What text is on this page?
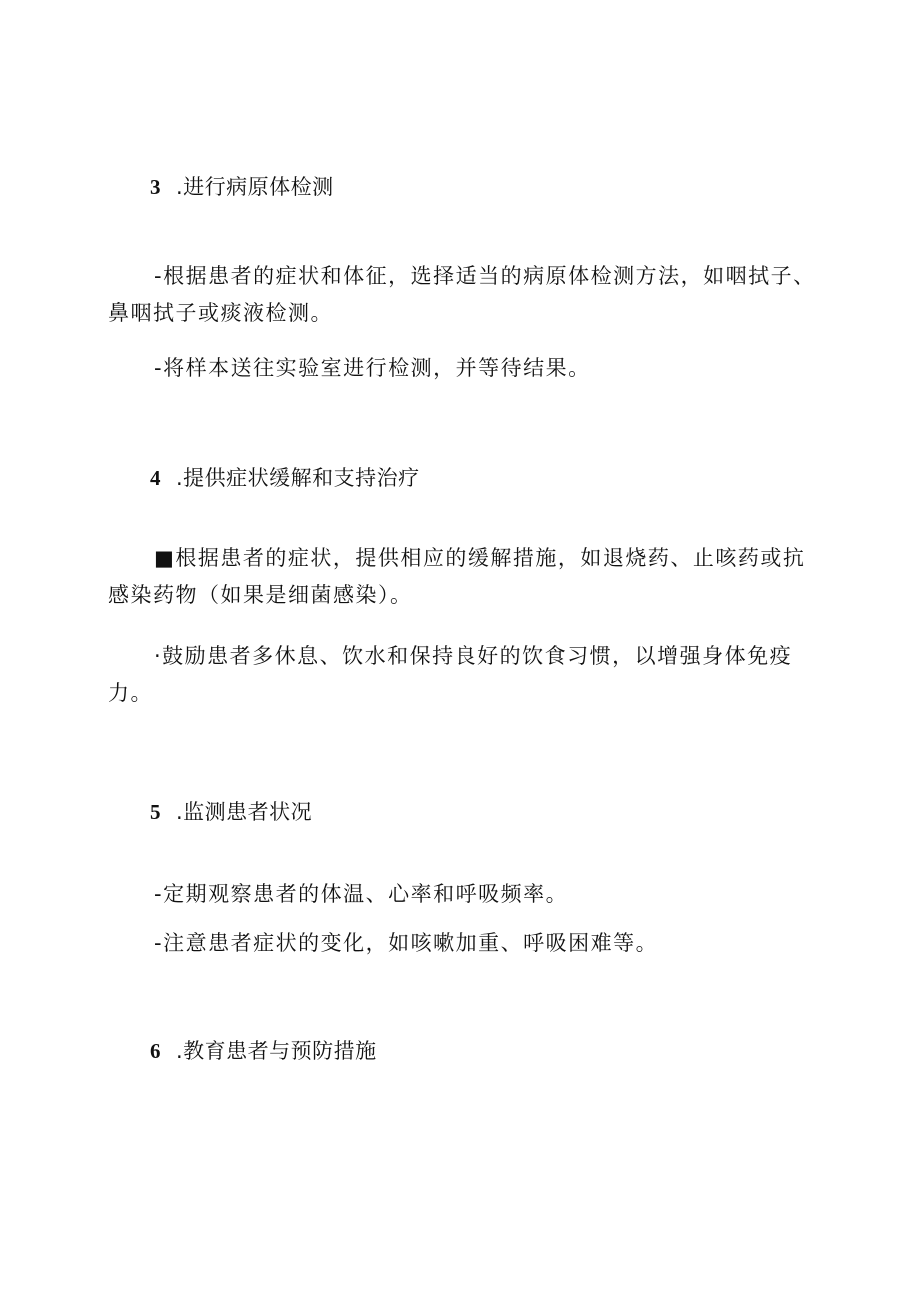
3 .进行病原体检测

-根据患者的症状和体征，选择适当的病原体检测方法，如咽拭子、鼻咽拭子或痰液检测。

-将样本送往实验室进行检测，并等待结果。

4 .提供症状缓解和支持治疗

■根据患者的症状，提供相应的缓解措施，如退烧药、止咳药或抗感染药物（如果是细菌感染）。

·鼓励患者多休息、饮水和保持良好的饮食习惯，以增强身体免疫力。

5 .监测患者状况

-定期观察患者的体温、心率和呼吸频率。

-注意患者症状的变化，如咳嗽加重、呼吸困难等。

6 .教育患者与预防措施
